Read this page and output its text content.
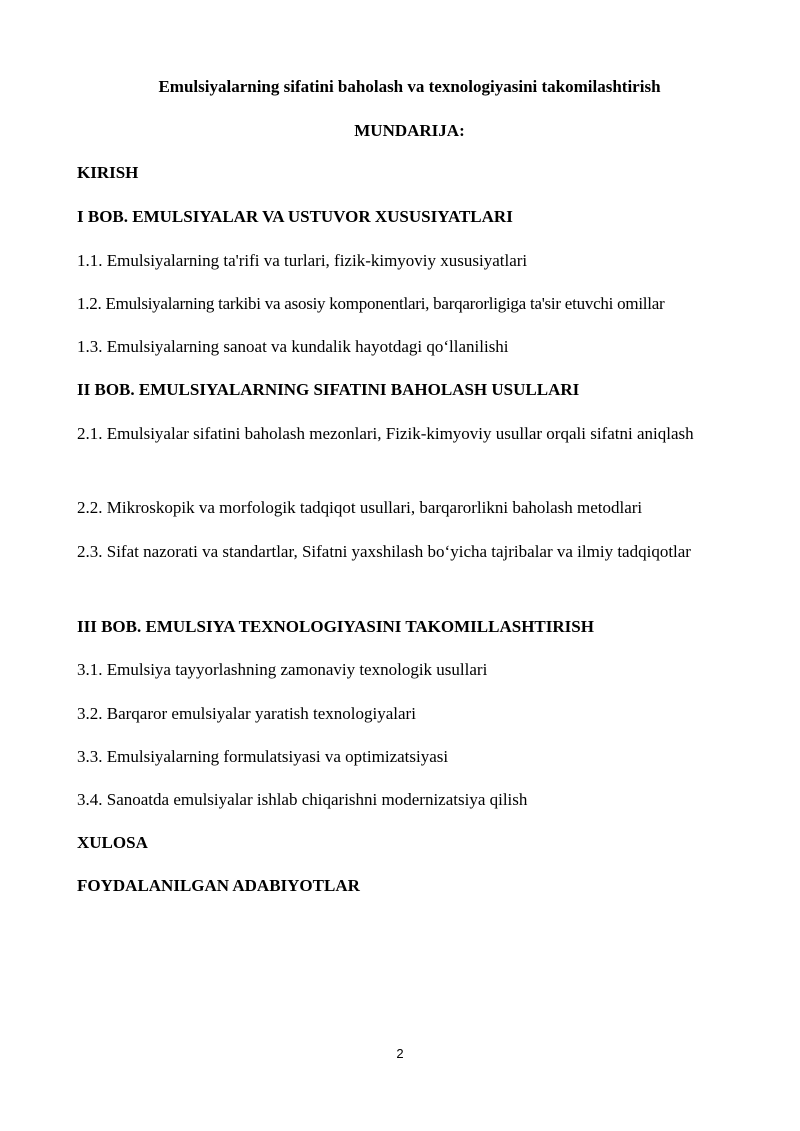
Emulsiyalarning sifatini baholash va texnologiyasini takomilashtirish
MUNDARIJA:
KIRISH
I BOB. EMULSIYALAR VA USTUVOR XUSUSIYATLARI
1.1. Emulsiyalarning ta'rifi va turlari, fizik-kimyoviy xususiyatlari
1.2. Emulsiyalarning tarkibi va asosiy komponentlari, barqarorligiga ta'sir etuvchi omillar
1.3. Emulsiyalarning sanoat va kundalik hayotdagi qo‘llanilishi
II BOB. EMULSIYALARNING SIFATINI BAHOLASH USULLARI
2.1. Emulsiyalar sifatini baholash mezonlari, Fizik-kimyoviy usullar orqali sifatni aniqlash
2.2. Mikroskopik va morfologik tadqiqot usullari, barqarorlikni baholash metodlari
2.3. Sifat nazorati va standartlar, Sifatni yaxshilash bo‘yicha tajribalar va ilmiy tadqiqotlar
III BOB. EMULSIYA TEXNOLOGIYASINI TAKOMILLASHTIRISH
3.1. Emulsiya tayyorlashning zamonaviy texnologik usullari
3.2. Barqaror emulsiyalar yaratish texnologiyalari
3.3. Emulsiyalarning formulatsiyasi va optimizatsiyasi
3.4. Sanoatda emulsiyalar ishlab chiqarishni modernizatsiya qilish
XULOSA
FOYDALANILGAN ADABIYOTLAR
2
